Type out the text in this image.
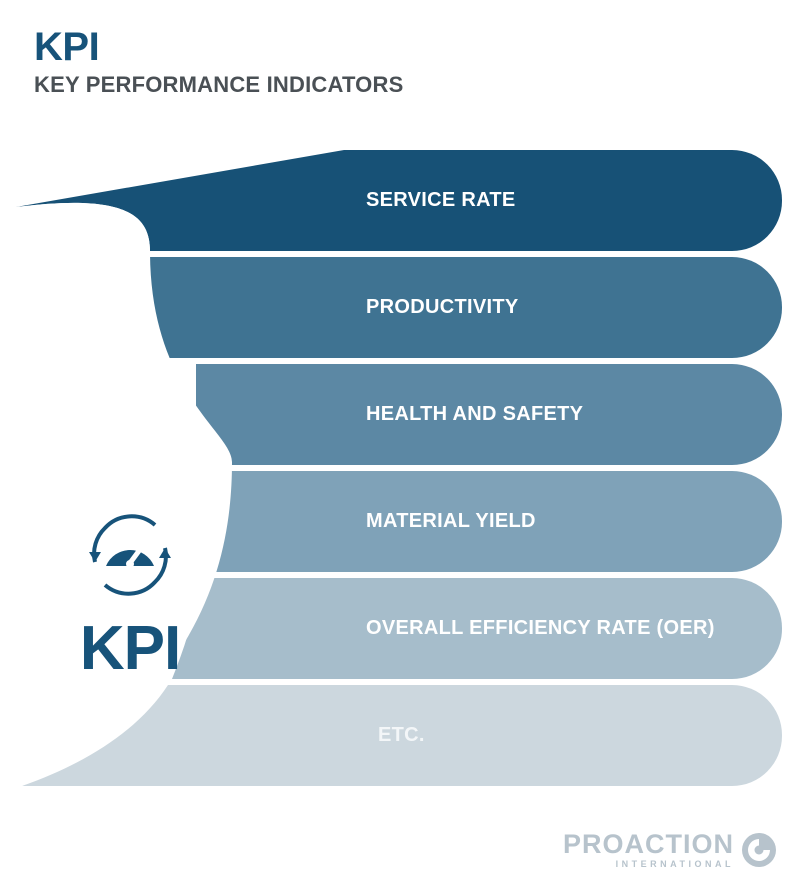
KPI
KEY PERFORMANCE INDICATORS
SERVICE RATE
PRODUCTIVITY
HEALTH AND SAFETY
MATERIAL YIELD
OVERALL EFFICIENCY RATE (OER)
ETC.
KPI
PROACTION
INTERNATIONAL
